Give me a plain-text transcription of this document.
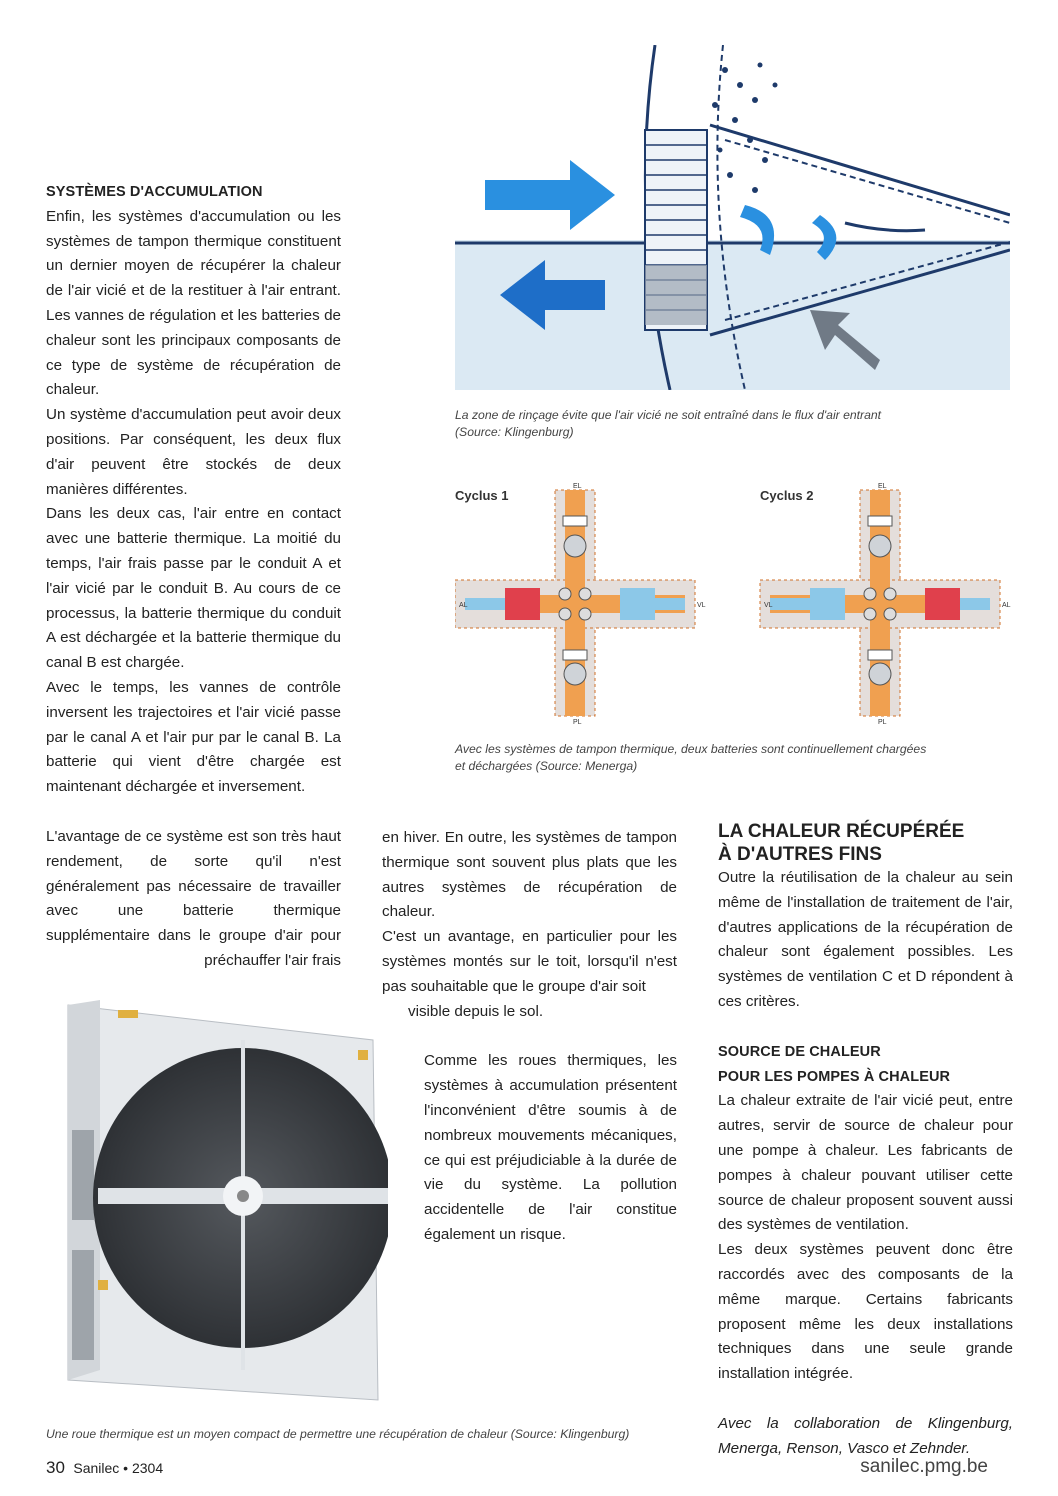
SYSTÈMES D'ACCUMULATION

Enfin, les systèmes d'accumulation ou les systèmes de tampon thermique constituent un dernier moyen de récupérer la chaleur de l'air vicié et de la restituer à l'air entrant. Les vannes de régulation et les batteries de chaleur sont les principaux composants de ce type de système de récupération de chaleur.

Un système d'accumulation peut avoir deux positions. Par conséquent, les deux flux d'air peuvent être stockés de deux manières différentes.

Dans les deux cas, l'air entre en contact avec une batterie thermique. La moitié du temps, l'air frais passe par le conduit A et l'air vicié par le conduit B. Au cours de ce processus, la batterie thermique du conduit A est déchargée et la batterie thermique du canal B est chargée.

Avec le temps, les vannes de contrôle inversent les trajectoires et l'air vicié passe par le canal A et l'air pur par le canal B. La batterie qui vient d'être chargée est maintenant déchargée et inversement.

L'avantage de ce système est son très haut rendement, de sorte qu'il n'est généralement pas nécessaire de travailler avec une batterie thermique supplémentaire dans le groupe d'air pour préchauffer l'air frais

en hiver. En outre, les systèmes de tampon thermique sont souvent plus plats que les autres systèmes de récupération de chaleur.

C'est un avantage, en particulier pour les systèmes montés sur le toit, lorsqu'il n'est pas souhaitable que le groupe d'air soit

visible depuis le sol.

Comme les roues thermiques, les systèmes à accumulation présentent l'inconvénient d'être soumis à de nombreux mouvements mécaniques, ce qui est préjudiciable à la durée de vie du système. La pollution accidentelle de l'air constitue également un risque.

LA CHALEUR RÉCUPÉRÉE
À D'AUTRES FINS

Outre la réutilisation de la chaleur au sein même de l'installation de traitement de l'air, d'autres applications de la récupération de chaleur sont également possibles. Les systèmes de ventilation C et D répondent à ces critères.

SOURCE DE CHALEUR
POUR LES POMPES À CHALEUR

La chaleur extraite de l'air vicié peut, entre autres, servir de source de chaleur pour une pompe à chaleur. Les fabricants de pompes à chaleur pouvant utiliser cette source de chaleur proposent souvent aussi des systèmes de ventilation.

Les deux systèmes peuvent donc être raccordés avec des composants de la même marque. Certains fabricants proposent même les deux installations techniques dans une seule grande installation intégrée.

Avec la collaboration de Klingenburg, Menerga, Renson, Vasco et Zehnder.

La zone de rinçage évite que l'air vicié ne soit entraîné dans le flux d'air entrant
(Source: Klingenburg)
Cyclus 1
EL
PL
AL	VL
Cyclus 2
EL
PL
VL	AL
Avec les systèmes de tampon thermique, deux batteries sont continuellement chargées
et déchargées (Source: Menerga)
Une roue thermique est un moyen compact de permettre une récupération de chaleur (Source: Klingenburg)
30 Sanilec • 2304	sanilec.pmg.be
